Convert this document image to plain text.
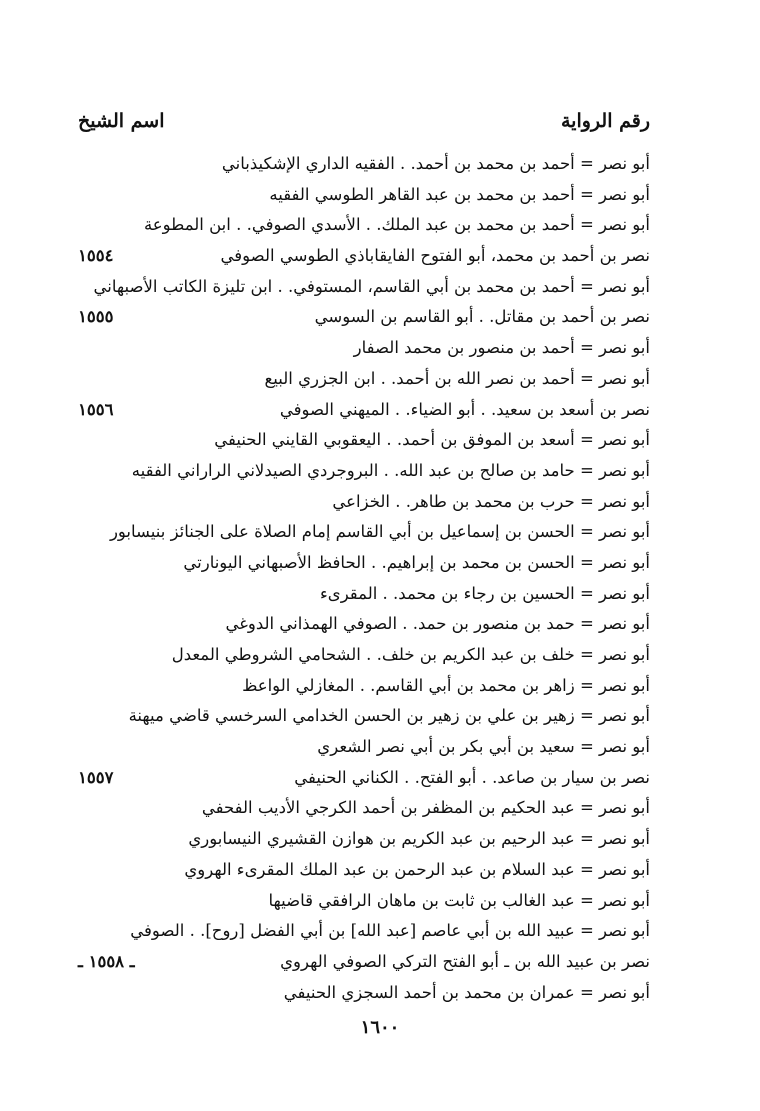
اسم الشيخ	رقم الرواية
أبو نصر = أحمد بن محمد بن أحمد. . الفقيه الداري الإشكيذباني
أبو نصر = أحمد بن محمد بن عبد القاهر الطوسي الفقيه
أبو نصر = أحمد بن محمد بن عبد الملك. . الأسدي الصوفي. . ابن المطوعة
نصر بن أحمد بن محمد، أبو الفتوح الفايقاباذي الطوسي الصوفي
١٥٥٤
أبو نصر = أحمد بن محمد بن أبي القاسم، المستوفي. . ابن تليزة الكاتب الأصبهاني
نصر بن أحمد بن مقاتل. . أبو القاسم بن السوسي
١٥٥٥
أبو نصر = أحمد بن منصور بن محمد الصفار
أبو نصر = أحمد بن نصر الله بن أحمد. . ابن الجزري البيع
نصر بن أسعد بن سعيد. . أبو الضياء. . الميهني الصوفي
١٥٥٦
أبو نصر = أسعد بن الموفق بن أحمد. . اليعقوبي القايني الحنيفي
أبو نصر = حامد بن صالح بن عبد الله. . البروجردي الصيدلاني الراراني الفقيه
أبو نصر = حرب بن محمد بن طاهر. . الخزاعي
أبو نصر = الحسن بن إسماعيل بن أبي القاسم إمام الصلاة على الجنائز بنيسابور
أبو نصر = الحسن بن محمد بن إبراهيم. . الحافظ الأصبهاني اليونارتي
أبو نصر = الحسين بن رجاء بن محمد. . المقرىء
أبو نصر = حمد بن منصور بن حمد. . الصوفي الهمذاني الدوغي
أبو نصر = خلف بن عبد الكريم بن خلف. . الشحامي الشروطي المعدل
أبو نصر = زاهر بن محمد بن أبي القاسم. . المغازلي الواعظ
أبو نصر = زهير بن علي بن زهير بن الحسن الخدامي السرخسي قاضي ميهنة
أبو نصر = سعيد بن أبي بكر بن أبي نصر الشعري
نصر بن سيار بن صاعد. . أبو الفتح. . الكناني الحنيفي
١٥٥٧
أبو نصر = عبد الحكيم بن المظفر بن أحمد الكرجي الأديب الفحفي
أبو نصر = عبد الرحيم بن عبد الكريم بن هوازن القشيري النيسابوري
أبو نصر = عبد السلام بن عبد الرحمن بن عبد الملك المقرىء الهروي
أبو نصر = عبد الغالب بن ثابت بن ماهان الرافقي قاضيها
أبو نصر = عبيد الله بن أبي عاصم [عبد الله] بن أبي الفضل [روح]. . الصوفي
نصر بن عبيد الله بن ـ أبو الفتح التركي الصوفي الهروي
ـ ١٥٥٨ ـ
أبو نصر = عمران بن محمد بن أحمد السجزي الحنيفي
١٦٠٠
